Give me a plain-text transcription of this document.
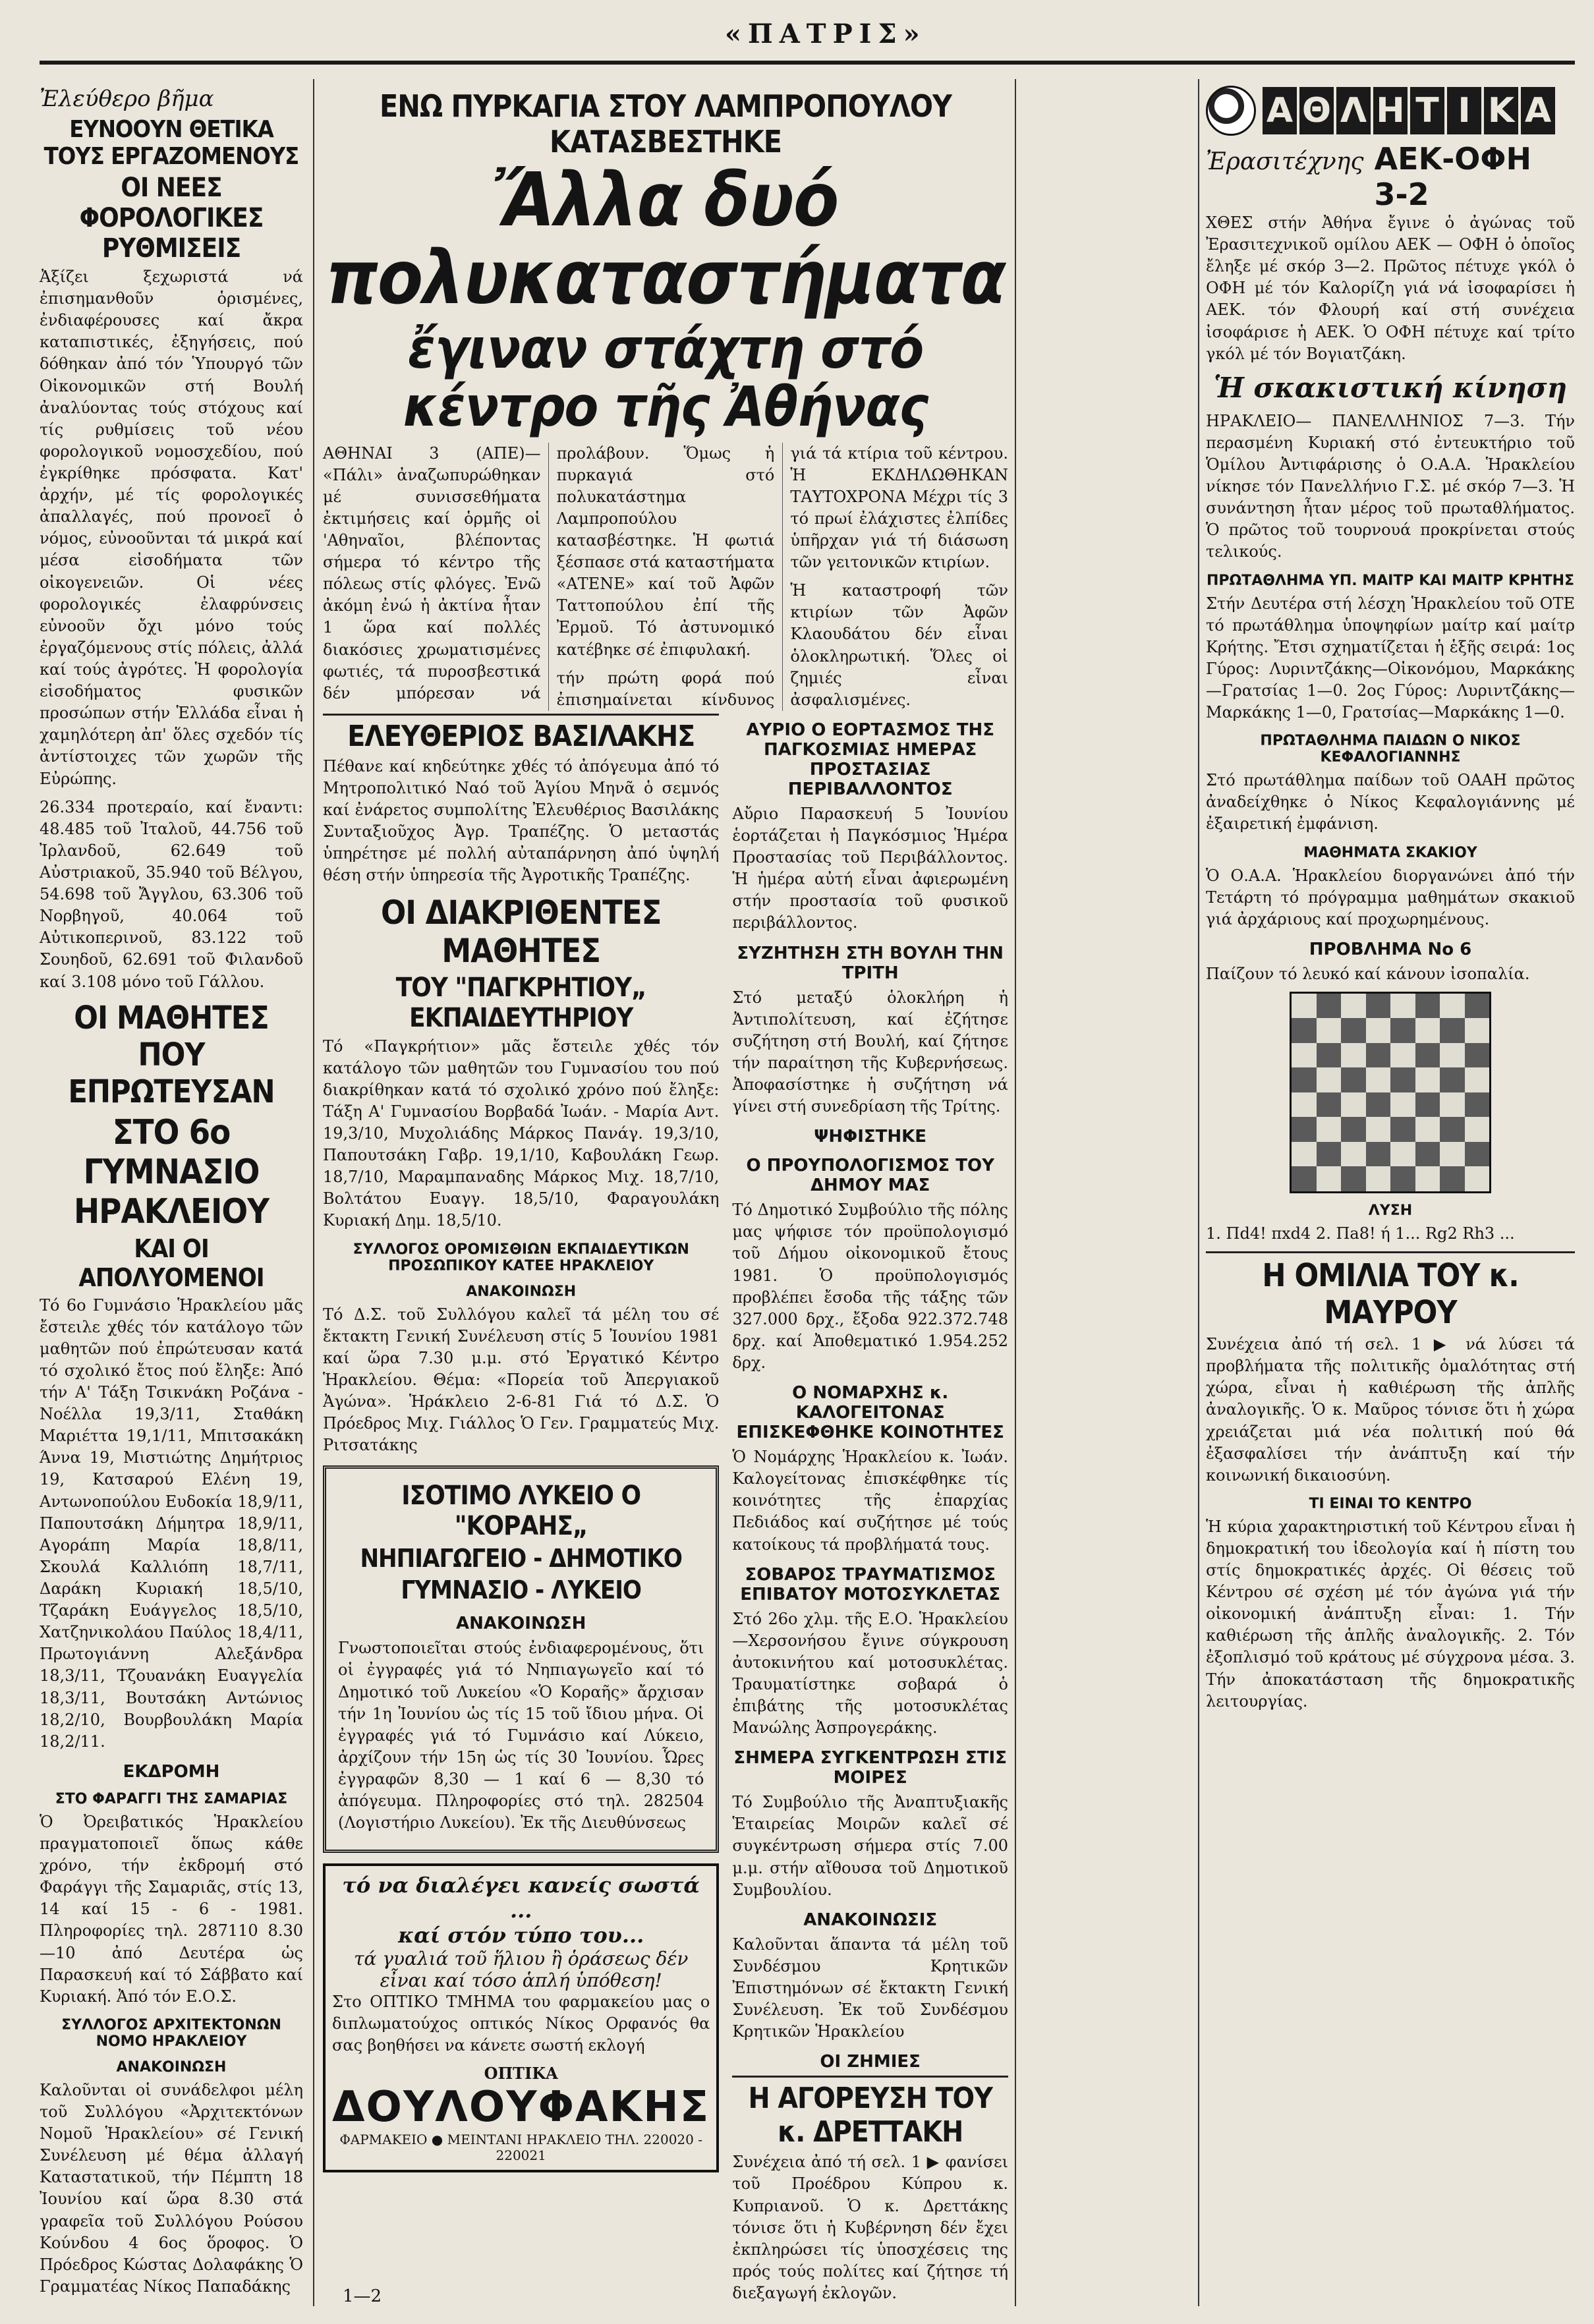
«ΠΑΤΡΙΣ»
Ἐλεύθερο βῆμα
ΕΥΝΟΟΥΝ ΘΕΤΙΚΑ ΤΟΥΣ ΕΡΓΑΖΟΜΕΝΟΥΣ
ΟΙ ΝΕΕΣ ΦΟΡΟΛΟΓΙΚΕΣ ΡΥΘΜΙΣΕΙΣ

Ἀξίζει ξεχωριστά νά ἐπισημανθοῦν ὁρισμένες, ἐνδιαφέρουσες καί ἄκρα καταπιστικές, ἐξηγήσεις, πού δόθηκαν ἀπό τόν Ὑπουργό τῶν Οἰκονομικῶν στή Βουλή ἀναλύοντας τούς στόχους καί τίς ρυθμίσεις τοῦ νέου φορολογικοῦ νομοσχεδίου, πού ἐγκρίθηκε πρόσφατα. Κατ' ἀρχήν, μέ τίς φορολογικές ἀπαλλαγές, πού προνοεῖ ὁ νόμος, εὐνοοῦνται τά μικρά καί μέσα εἰσοδήματα τῶν οἰκογενειῶν. Οἱ νέες φορολογικές ἐλαφρύνσεις εὐνοοῦν ὄχι μόνο τούς ἐργαζόμενους στίς πόλεις, ἀλλά καί τούς ἀγρότες. Ἡ φορολογία εἰσοδήματος φυσικῶν προσώπων στήν Ἑλλάδα εἶναι ἡ χαμηλότερη ἀπ' ὅλες σχεδόν τίς ἀντίστοιχες τῶν χωρῶν τῆς Εὐρώπης.

26.334 προτεραίο, καί ἔναντι: 48.485 τοῦ Ἰταλοῦ, 44.756 τοῦ Ἰρλανδοῦ, 62.649 τοῦ Αὐστριακοῦ, 35.940 τοῦ Βέλγου, 54.698 τοῦ Ἄγγλου, 63.306 τοῦ Νορβηγοῦ, 40.064 τοῦ Αὐτικοπερινοῦ, 83.122 τοῦ Σουηδοῦ, 62.691 τοῦ Φιλανδοῦ καί 3.108 μόνο τοῦ Γάλλου.

ΟΙ ΜΑΘΗΤΕΣ ΠΟΥ ΕΠΡΩΤΕΥΣΑΝ
ΣΤΟ 6ο ΓΥΜΝΑΣΙΟ ΗΡΑΚΛΕΙΟΥ
ΚΑΙ ΟΙ ΑΠΟΛΥΟΜΕΝΟΙ

Τό 6ο Γυμνάσιο Ἡρακλείου μᾶς ἔστειλε χθές τόν κατάλογο τῶν μαθητῶν πού ἐπρώτευσαν κατά τό σχολικό ἔτος πού ἔληξε: Ἀπό τήν Α' Τάξη Τσικνάκη Ροζάνα - Νοέλλα 19,3/11, Σταθάκη Μαριέττα 19,1/11, Μπιτσακάκη Άννα 19, Μιστιώτης Δημήτριος 19, Κατσαρού Ελένη 19, Αντωνοπούλου Ευδοκία 18,9/11, Παπουτσάκη Δήμητρα 18,9/11, Αγοράπη Μαρία 18,8/11, Σκουλά Καλλιόπη 18,7/11, Δαράκη Κυριακή 18,5/10, Τζαράκη Ευάγγελος 18,5/10, Χατζηνικολάου Παύλος 18,4/11, Πρωτογιάννη Αλεξάνδρα 18,3/11, Τζουανάκη Ευαγγελία 18,3/11, Βουτσάκη Αντώνιος 18,2/10, Βουρβουλάκη Μαρία 18,2/11.

ΕΚΔΡΟΜΗ
ΣΤΟ ΦΑΡΑΓΓΙ ΤΗΣ ΣΑΜΑΡΙΑΣ

Ὁ Ὀρειβατικός Ἡρακλείου πραγματοποιεῖ ὅπως κάθε χρόνο, τήν ἐκδρομή στό Φαράγγι τῆς Σαμαριᾶς, στίς 13, 14 καί 15 - 6 - 1981. Πληροφορίες τηλ. 287110 8.30—10 ἀπό Δευτέρα ὡς Παρασκευή καί τό Σάββατο καί Κυριακή. Ἀπό τόν Ε.Ο.Σ.

ΣΥΛΛΟΓΟΣ ΑΡΧΙΤΕΚΤΟΝΩΝ ΝΟΜΟ ΗΡΑΚΛΕΙΟΥ
ΑΝΑΚΟΙΝΩΣΗ

Καλοῦνται οἱ συνάδελφοι μέλη τοῦ Συλλόγου «Ἀρχιτεκτόνων Νομοῦ Ἡρακλείου» σέ Γενική Συνέλευση μέ θέμα ἀλλαγή Καταστατικοῦ, τήν Πέμπτη 18 Ἰουνίου καί ὥρα 8.30 στά γραφεῖα τοῦ Συλλόγου Ρούσου Κούνδου 4 6ος ὅροφος. Ὁ Πρόεδρος Κώστας Δολαφάκης Ὁ Γραμματέας Νίκος Παπαδάκης

1—2
ΕΝΩ ΠΥΡΚΑΓΙΑ ΣΤΟΥ ΛΑΜΠΡΟΠΟΥΛΟΥ ΚΑΤΑΣΒΕΣΤΗΚΕ
Ἄλλα δυό πολυκαταστήματα
ἔγιναν στάχτη στό κέντρο τῆς Ἀθήνας

ΑΘΗΝΑΙ 3 (ΑΠΕ)— «Πάλι» ἀναζωπυρώθηκαν μέ συνισσεθήματα ἐκτιμήσεις καί ὁρμῆς οἱ 'Αθηναῖοι, βλέποντας σήμερα τό κέντρο τῆς πόλεως στίς φλόγες. Ἐνῶ ἀκόμη ἐνώ ἡ ἀκτίνα ἦταν 1 ὥρα καί πολλές διακόσιες χρωματισμένες φωτιές, τά πυροσβεστικά δέν μπόρεσαν νά προλάβουν. Ὅμως ἡ πυρκαγιά στό πολυκατάστημα Λαμπροπούλου κατασβέστηκε. Ἡ φωτιά ξέσπασε στά καταστήματα «ΑΤΕΝΕ» καί τοῦ Ἀφῶν Ταττοπούλου ἐπί τῆς Ἐρμοῦ. Τό ἀστυνομικό κατέβηκε σέ ἐπιφυλακή.

τήν πρώτη φορά πού ἐπισημαίνεται κίνδυνος γιά τά κτίρια τοῦ κέντρου. Ἡ ΕΚΔΗΛΩΘΗΚΑΝ ΤΑΥΤΟΧΡΟΝΑ Μέχρι τίς 3 τό πρωί ἐλάχιστες ἐλπίδες ὑπῆρχαν γιά τή διάσωση τῶν γειτονικῶν κτιρίων.

Ἡ καταστροφή τῶν κτιρίων τῶν Ἀφῶν Κλαουδάτου δέν εἶναι ὁλοκληρωτική. Ὅλες οἱ ζημιές εἶναι ἀσφαλισμένες.

ΕΛΕΥΘΕΡΙΟΣ ΒΑΣΙΛΑΚΗΣ

Πέθανε καί κηδεύτηκε χθές τό ἀπόγευμα ἀπό τό Μητροπολιτικό Ναό τοῦ Ἁγίου Μηνᾶ ὁ σεμνός καί ἐνάρετος συμπολίτης Ἐλευθέριος Βασιλάκης Συνταξιοῦχος Ἀγρ. Τραπέζης. Ὁ μεταστάς ὑπηρέτησε μέ πολλή αὐταπάρνηση ἀπό ὑψηλή θέση στήν ὑπηρεσία τῆς Ἀγροτικῆς Τραπέζης.

ΟΙ ΔΙΑΚΡΙΘΕΝΤΕΣ ΜΑΘΗΤΕΣ
ΤΟΥ "ΠΑΓΚΡΗΤΙΟΥ„ ΕΚΠΑΙΔΕΥΤΗΡΙΟΥ

Τό «Παγκρήτιον» μᾶς ἔστειλε χθές τόν κατάλογο τῶν μαθητῶν του Γυμνασίου του πού διακρίθηκαν κατά τό σχολικό χρόνο πού ἔληξε: Τάξη Α' Γυμνασίου Βορβαδά Ἰωάν. - Μαρία Αντ. 19,3/10, Μυχολιάδης Μάρκος Πανάγ. 19,3/10, Παπουτσάκη Γαβρ. 19,1/10, Καβουλάκη Γεωρ. 18,7/10, Μαραμπαναδης Μάρκος Μιχ. 18,7/10, Βολτάτου Ευαγγ. 18,5/10, Φαραγουλάκη Κυριακή Δημ. 18,5/10.

ΣΥΛΛΟΓΟΣ ΟΡΟΜΙΣΘΙΩΝ ΕΚΠΑΙΔΕΥΤΙΚΩΝ ΠΡΟΣΩΠΙΚΟΥ ΚΑΤΕΕ ΗΡΑΚΛΕΙΟΥ
ΑΝΑΚΟΙΝΩΣΗ

Τό Δ.Σ. τοῦ Συλλόγου καλεῖ τά μέλη του σέ ἔκτακτη Γενική Συνέλευση στίς 5 Ἰουνίου 1981 καί ὥρα 7.30 μ.μ. στό Ἐργατικό Κέντρο Ἡρακλείου. Θέμα: «Πορεία τοῦ Ἀπεργιακοῦ Ἀγώνα». Ἡράκλειο 2-6-81 Γιά τό Δ.Σ. Ὁ Πρόεδρος Μιχ. Γιάλλος Ὁ Γεν. Γραμματεύς Μιχ. Ριτσατάκης

ΙΣΟΤΙΜΟ ΛΥΚΕΙΟ Ο "ΚΟΡΑΗΣ„
ΝΗΠΙΑΓΩΓΕΙΟ - ΔΗΜΟΤΙΚΟ
ΓΥΜΝΑΣΙΟ - ΛΥΚΕΙΟ
ΑΝΑΚΟΙΝΩΣΗ

Γνωστοποιεῖται στούς ἐνδιαφερομένους, ὅτι οἱ ἐγγραφές γιά τό Νηπιαγωγεῖο καί τό Δημοτικό τοῦ Λυκείου «Ὁ Κοραῆς» ἄρχισαν τήν 1η Ἰουνίου ὡς τίς 15 τοῦ ἴδιου μήνα. Οἱ ἐγγραφές γιά τό Γυμνάσιο καί Λύκειο, ἀρχίζουν τήν 15η ὡς τίς 30 Ἰουνίου. Ὧρες ἐγγραφῶν 8,30 — 1 καί 6 — 8,30 τό ἀπόγευμα. Πληροφορίες στό τηλ. 282504 (Λογιστήριο Λυκείου). Ἐκ τῆς Διευθύνσεως

τό να διαλέγει κανείς σωστά ...
καί στόν τύπο του...
τά γυαλιά τοῦ ἥλιου ἢ ὁράσεως δέν εἶναι καί τόσο ἁπλή ὑπόθεση!

Στο ΟΠΤΙΚΟ ΤΜΗΜΑ του φαρμακείου μας ο διπλωματούχος οπτικός Νίκος Ορφανός θα σας βοηθήσει να κάνετε σωστή εκλογή

ΟΠΤΙΚΑ
ΔΟΥΛΟΥΦΑΚΗΣ
ΦΑΡΜΑΚΕΙΟ ● ΜΕΙΝΤΑΝΙ ΗΡΑΚΛΕΙΟ ΤΗΛ. 220020 - 220021
ΑΥΡΙΟ Ο ΕΟΡΤΑΣΜΟΣ ΤΗΣ ΠΑΓΚΟΣΜΙΑΣ ΗΜΕΡΑΣ ΠΡΟΣΤΑΣΙΑΣ ΠΕΡΙΒΑΛΛΟΝΤΟΣ

Αὔριο Παρασκευή 5 Ἰουνίου ἑορτάζεται ἡ Παγκόσμιος Ἡμέρα Προστασίας τοῦ Περιβάλλοντος. Ἡ ἡμέρα αὐτή εἶναι ἀφιερωμένη στήν προστασία τοῦ φυσικοῦ περιβάλλοντος.

ΣΥΖΗΤΗΣΗ ΣΤΗ ΒΟΥΛΗ ΤΗΝ ΤΡΙΤΗ

Στό μεταξύ ὁλοκλήρη ἡ Ἀντιπολίτευση, καί ἐζήτησε συζήτηση στή Βουλή, καί ζήτησε τήν παραίτηση τῆς Κυβερνήσεως. Ἀποφασίστηκε ἡ συζήτηση νά γίνει στή συνεδρίαση τῆς Τρίτης.

ΨΗΦΙΣΤΗΚΕ
Ο ΠΡΟΥΠΟΛΟΓΙΣΜΟΣ ΤΟΥ ΔΗΜΟΥ ΜΑΣ

Τό Δημοτικό Συμβούλιο τῆς πόλης μας ψήφισε τόν προϋπολογισμό τοῦ Δήμου οἰκονομικοῦ ἔτους 1981. Ὁ προϋπολογισμός προβλέπει ἔσοδα τῆς τάξης τῶν 327.000 δρχ., ἔξοδα 922.372.748 δρχ. καί Ἀποθεματικό 1.954.252 δρχ.

Ο ΝΟΜΑΡΧΗΣ κ. ΚΑΛΟΓΕΙΤΟΝΑΣ ΕΠΙΣΚΕΦΘΗΚΕ ΚΟΙΝΟΤΗΤΕΣ

Ὁ Νομάρχης Ἡρακλείου κ. Ἰωάν. Καλογείτονας ἐπισκέφθηκε τίς κοινότητες τῆς ἐπαρχίας Πεδιάδος καί συζήτησε μέ τούς κατοίκους τά προβλήματά τους.

ΣΟΒΑΡΟΣ ΤΡΑΥΜΑΤΙΣΜΟΣ ΕΠΙΒΑΤΟΥ ΜΟΤΟΣΥΚΛΕΤΑΣ

Στό 26ο χλμ. τῆς Ε.Ο. Ἡρακλείου —Χερσονήσου ἔγινε σύγκρουση ἀυτοκινήτου καί μοτοσυκλέτας. Τραυματίστηκε σοβαρά ὁ ἐπιβάτης τῆς μοτοσυκλέτας Μανώλης Ἀσπρογεράκης.

ΣΗΜΕΡΑ ΣΥΓΚΕΝΤΡΩΣΗ ΣΤΙΣ ΜΟΙΡΕΣ

Τό Συμβούλιο τῆς Ἀναπτυξιακῆς Ἑταιρείας Μοιρῶν καλεῖ σέ συγκέντρωση σήμερα στίς 7.00 μ.μ. στήν αἴθουσα τοῦ Δημοτικοῦ Συμβουλίου.

ΑΝΑΚΟΙΝΩΣΙΣ

Καλοῦνται ἅπαντα τά μέλη τοῦ Συνδέσμου Κρητικῶν Ἐπιστημόνων σέ ἔκτακτη Γενική Συνέλευση. Ἐκ τοῦ Συνδέσμου Κρητικῶν Ἡρακλείου

ΟΙ ΖΗΜΙΕΣ
Η ΑΓΟΡΕΥΣΗ ΤΟΥ κ. ΔΡΕΤΤΑΚΗ

Συνέχεια ἀπό τή σελ. 1 ▶ φανίσει τοῦ Προέδρου Κύπρου κ. Κυπριανοῦ. Ὁ κ. Δρεττάκης τόνισε ὅτι ἡ Κυβέρνηση δέν ἔχει ἐκπληρώσει τίς ὑποσχέσεις της πρός τούς πολίτες καί ζήτησε τή διεξαγωγή ἐκλογῶν.

Α Θ Λ Η Τ Ι Κ Α
Ἐρασιτέχνης ΑΕΚ-ΟΦΗ 3-2

ΧΘΕΣ στήν Ἀθήνα ἔγινε ὁ ἀγώνας τοῦ Ἐρασιτεχνικοῦ ομίλου ΑΕΚ — ΟΦΗ ὁ ὁποῖος ἔληξε μέ σκόρ 3—2. Πρῶτος πέτυχε γκόλ ὁ ΟΦΗ μέ τόν Καλορίζη γιά νά ἰσοφαρίσει ἡ ΑΕΚ. τόν Φλουρή καί στή συνέχεια ἰσοφάρισε ἡ ΑΕΚ. Ὁ ΟΦΗ πέτυχε καί τρίτο γκόλ μέ τόν Βογιατζάκη.

Ἡ σκακιστική κίνηση

ΗΡΑΚΛΕΙΟ— ΠΑΝΕΛΛΗΝΙΟΣ 7—3. Τήν περασμένη Κυριακή στό ἐντευκτήριο τοῦ Ὁμίλου Ἀντιφάρισης ὁ Ο.Α.Α. Ἡρακλείου νίκησε τόν Πανελλήνιο Γ.Σ. μέ σκόρ 7—3. Ἡ συνάντηση ἦταν μέρος τοῦ πρωταθλήματος. Ὁ πρῶτος τοῦ τουρνουά προκρίνεται στούς τελικούς.

ΠΡΩΤΑΘΛΗΜΑ ΥΠ. ΜΑΙΤΡ ΚΑΙ ΜΑΙΤΡ ΚΡΗΤΗΣ

Στήν Δευτέρα στή λέσχη Ἡρακλείου τοῦ ΟΤΕ τό πρωτάθλημα ὑποψηφίων μαίτρ καί μαίτρ Κρήτης. Ἔτσι σχηματίζεται ἡ ἑξῆς σειρά: 1ος Γύρος: Λυριντζάκης—Οἰκονόμου, Μαρκάκης—Γρατσίας 1—0. 2ος Γύρος: Λυριντζάκης—Μαρκάκης 1—0, Γρατσίας—Μαρκάκης 1—0.

ΠΡΩΤΑΘΛΗΜΑ ΠΑΙΔΩΝ Ο ΝΙΚΟΣ ΚΕΦΑΛΟΓΙΑΝΝΗΣ

Στό πρωτάθλημα παίδων τοῦ ΟΑΑΗ πρῶτος ἀναδείχθηκε ὁ Νίκος Κεφαλογιάννης μέ ἐξαιρετική ἐμφάνιση.

ΜΑΘΗΜΑΤΑ ΣΚΑΚΙΟΥ

Ὁ Ο.Α.Α. Ἡρακλείου διοργανώνει ἀπό τήν Τετάρτη τό πρόγραμμα μαθημάτων σκακιοῦ γιά ἀρχάριους καί προχωρημένους.

ΠΡΟΒΛΗΜΑ Νο 6

Παίζουν τό λευκό καί κάνουν ἰσοπαλία.

ΛΥΣΗ

1. Πd4! πxd4 2. Πa8! ή 1... Rg2 Rh3 ...

Η ΟΜΙΛΙΑ ΤΟΥ κ. ΜΑΥΡΟΥ

Συνέχεια ἀπό τή σελ. 1 ▶ νά λύσει τά προβλήματα τῆς πολιτικῆς ὁμαλότητας στή χώρα, εἶναι ἡ καθιέρωση τῆς ἀπλῆς ἀναλογικῆς. Ὁ κ. Μαῦρος τόνισε ὅτι ἡ χώρα χρειάζεται μιά νέα πολιτική πού θά ἐξασφαλίσει τήν ἀνάπτυξη καί τήν κοινωνική δικαιοσύνη.

ΤΙ ΕΙΝΑΙ ΤΟ ΚΕΝΤΡΟ

Ἡ κύρια χαρακτηριστική τοῦ Κέντρου εἶναι ἡ δημοκρατική του ἰδεολογία καί ἡ πίστη του στίς δημοκρατικές ἀρχές. Οἱ θέσεις τοῦ Κέντρου σέ σχέση μέ τόν ἀγώνα γιά τήν οἰκονομική ἀνάπτυξη εἶναι: 1. Τήν καθιέρωση τῆς ἁπλῆς ἀναλογικῆς. 2. Τόν ἐξοπλισμό τοῦ κράτους μέ σύγχρονα μέσα. 3. Τήν ἀποκατάσταση τῆς δημοκρατικῆς λειτουργίας.
